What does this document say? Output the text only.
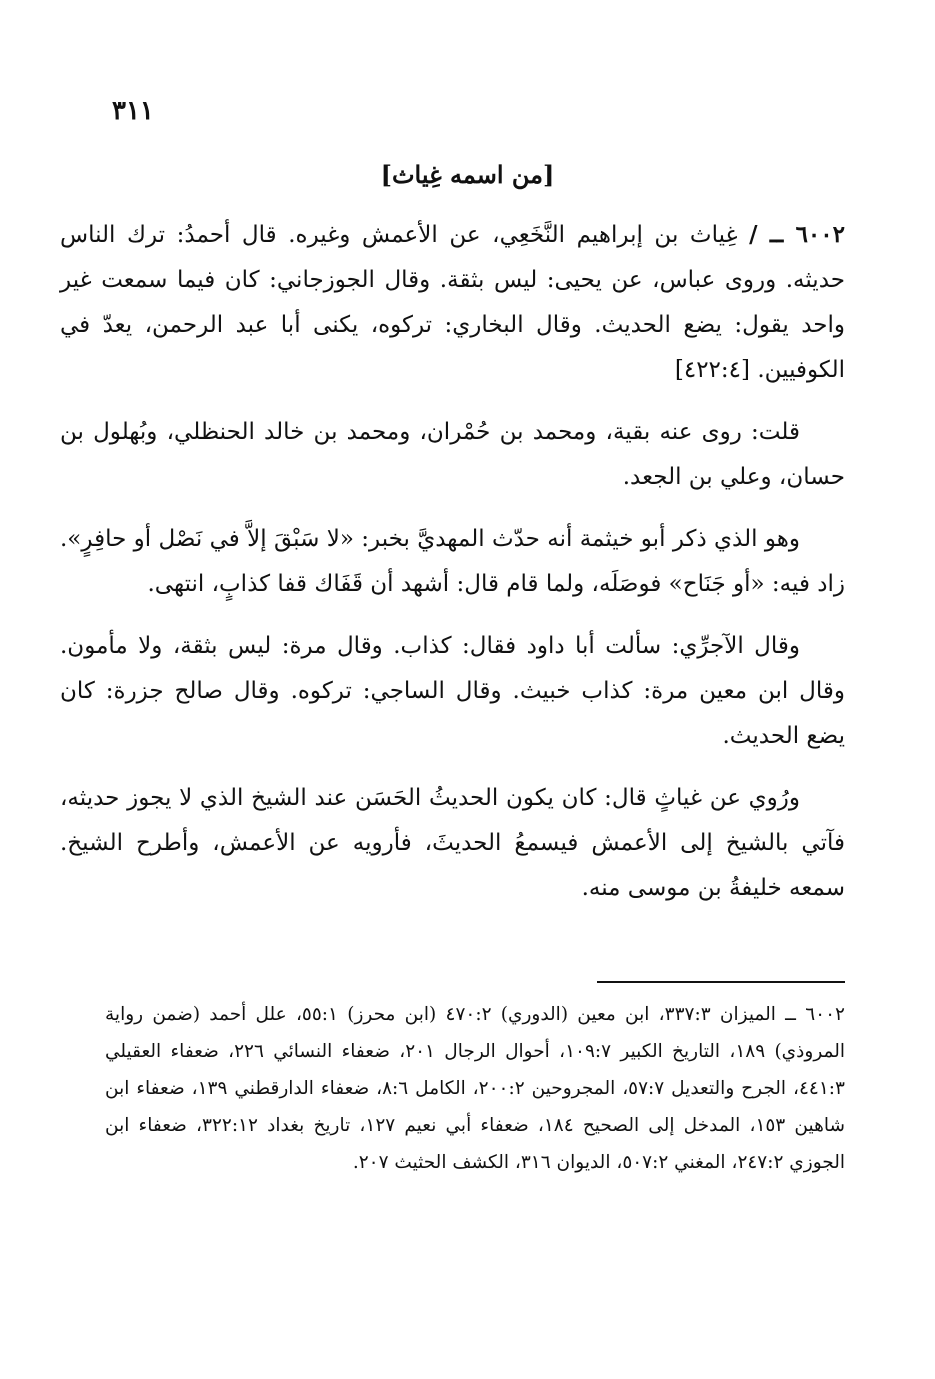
٣١١
[من اسمه غِياث]

٦٠٠٢ ــ / غِياث بن إبراهيم النَّخَعِي، عن الأعمش وغيره. قال أحمدُ: ترك الناس حديثه. وروى عباس، عن يحيى: ليس بثقة. وقال الجوزجاني: كان فيما سمعت غير واحد يقول: يضع الحديث. وقال البخاري: تركوه، يكنى أبا عبد الرحمن، يعدّ في الكوفيين. [٤٢٢:٤]

قلت: روى عنه بقية، ومحمد بن حُمْران، ومحمد بن خالد الحنظلي، وبُهلول بن حسان، وعلي بن الجعد.

وهو الذي ذكر أبو خيثمة أنه حدّث المهديَّ بخبر: «لا سَبْقَ إلاَّ في نَصْل أو حافِرٍ». زاد فيه: «أو جَنَاح» فوصَلَه، ولما قام قال: أشهد أن قَفَاك قفا كذابٍ، انتهى.

وقال الآجرِّي: سألت أبا داود فقال: كذاب. وقال مرة: ليس بثقة، ولا مأمون. وقال ابن معين مرة: كذاب خبيث. وقال الساجي: تركوه. وقال صالح جزرة: كان يضع الحديث.

ورُوي عن غياثٍ قال: كان يكون الحديثُ الحَسَن عند الشيخ الذي لا يجوز حديثه، فآتي بالشيخ إلى الأعمش فيسمعُ الحديثَ، فأرويه عن الأعمش، وأطرح الشيخ. سمعه خليفةُ بن موسى منه.

٦٠٠٢ ــ الميزان ٣٣٧:٣، ابن معين (الدوري) ٤٧٠:٢ (ابن محرز) ٥٥:١، علل أحمد (ضمن رواية المروذي) ١٨٩، التاريخ الكبير ١٠٩:٧، أحوال الرجال ٢٠١، ضعفاء النسائي ٢٢٦، ضعفاء العقيلي ٤٤١:٣، الجرح والتعديل ٥٧:٧، المجروحين ٢٠٠:٢، الكامل ٨:٦، ضعفاء الدارقطني ١٣٩، ضعفاء ابن شاهين ١٥٣، المدخل إلى الصحيح ١٨٤، ضعفاء أبي نعيم ١٢٧، تاريخ بغداد ٣٢٢:١٢، ضعفاء ابن الجوزي ٢٤٧:٢، المغني ٥٠٧:٢، الديوان ٣١٦، الكشف الحثيث ٢٠٧.
